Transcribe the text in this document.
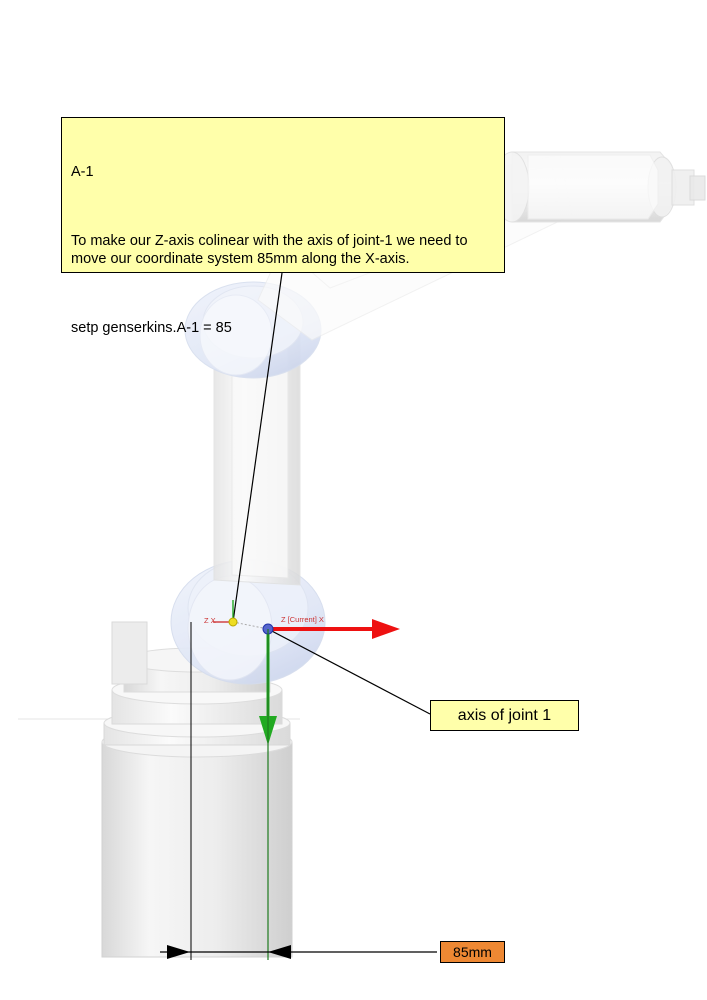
Z X	Z [Current] X

A-1

To make our Z-axis colinear with the axis of joint-1 we need to move our coordinate system 85mm along the X-axis.

setp genserkins.A-1 = 85

axis of joint 1
85mm
